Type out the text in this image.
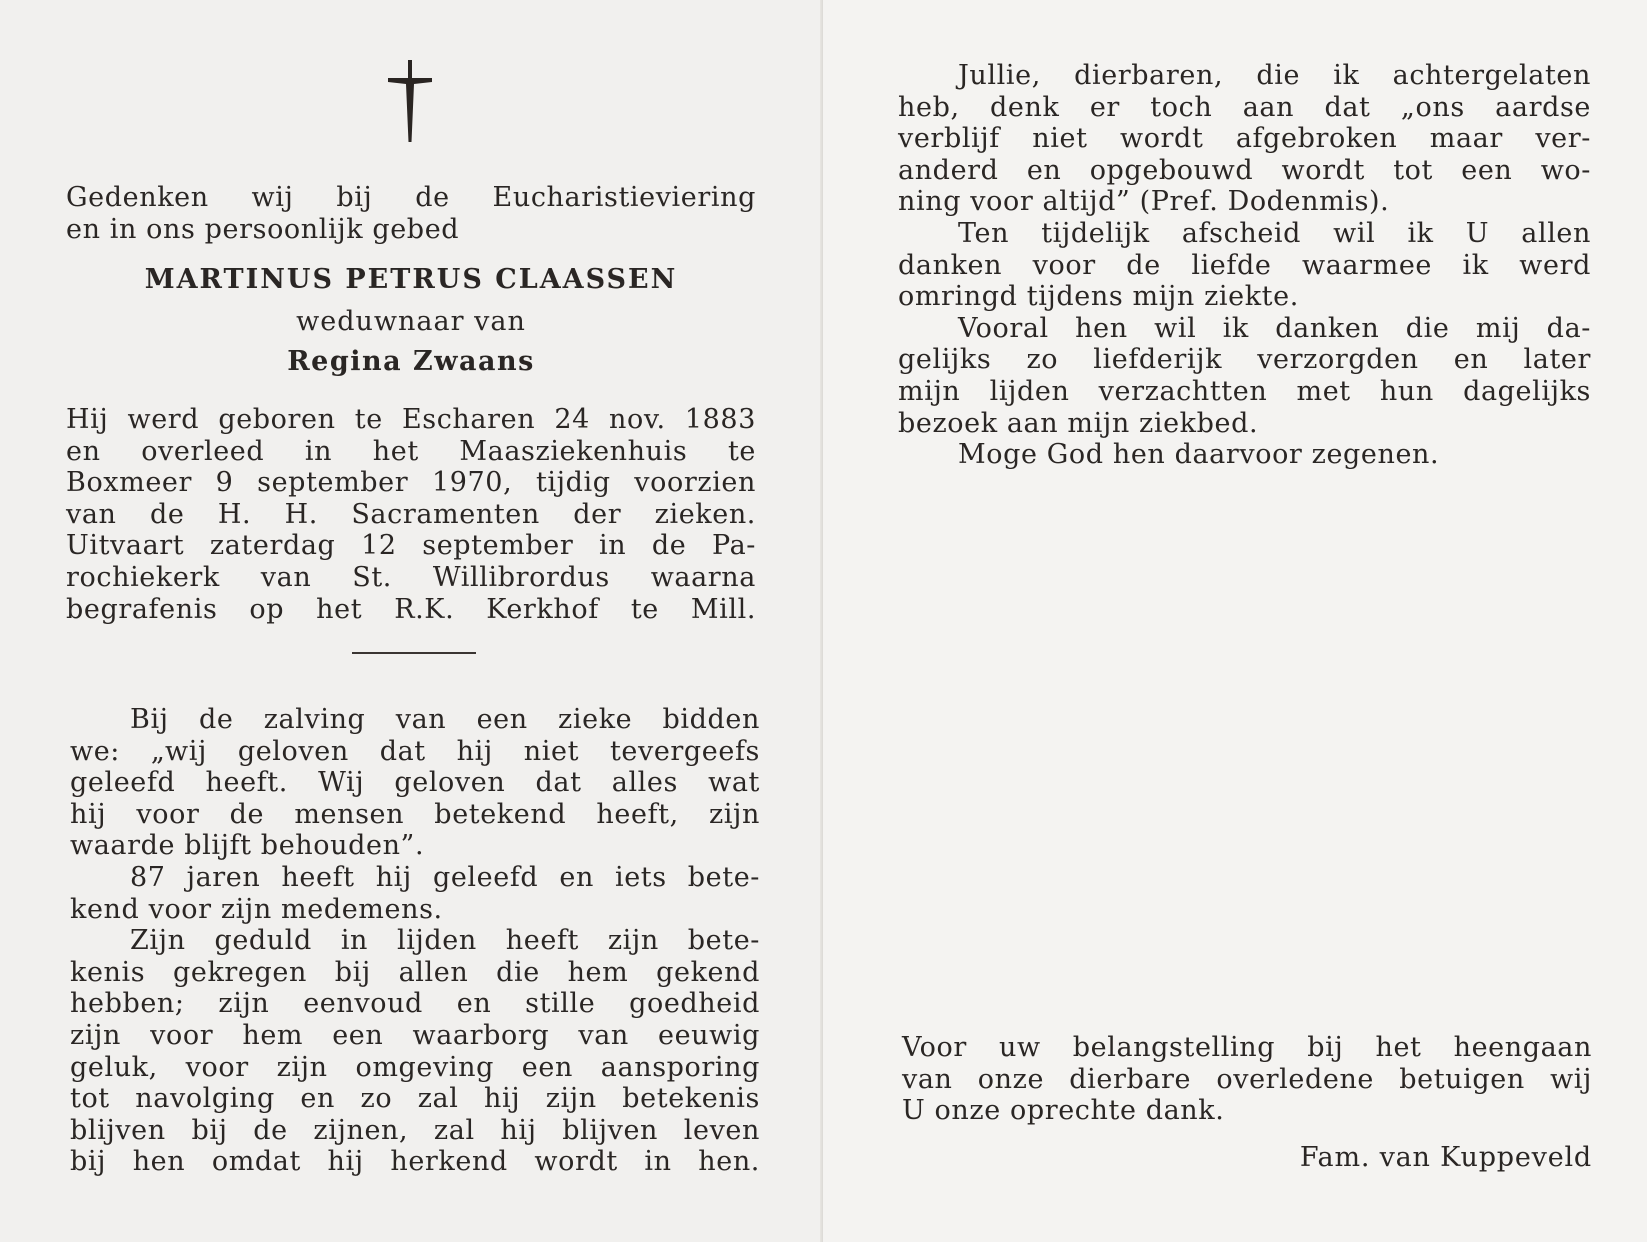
Gedenken wij bij de Eucharistieviering

en in ons persoonlijk gebed

MARTINUS PETRUS CLAASSEN
weduwnaar van
Regina Zwaans

Hij werd geboren te Escharen 24 nov. 1883

en overleed in het Maasziekenhuis te

Boxmeer 9 september 1970, tijdig voorzien

van de H. H. Sacramenten der zieken.

Uitvaart zaterdag 12 september in de Pa-

rochiekerk van St. Willibrordus waarna

begrafenis op het R.K. Kerkhof te Mill.

Bij de zalving van een zieke bidden

we: „wij geloven dat hij niet tevergeefs

geleefd heeft. Wij geloven dat alles wat

hij voor de mensen betekend heeft, zijn

waarde blijft behouden”.

87 jaren heeft hij geleefd en iets bete-

kend voor zijn medemens.

Zijn geduld in lijden heeft zijn bete-

kenis gekregen bij allen die hem gekend

hebben; zijn eenvoud en stille goedheid

zijn voor hem een waarborg van eeuwig

geluk, voor zijn omgeving een aansporing

tot navolging en zo zal hij zijn betekenis

blijven bij de zijnen, zal hij blijven leven

bij hen omdat hij herkend wordt in hen.

Jullie, dierbaren, die ik achtergelaten

heb, denk er toch aan dat „ons aardse

verblijf niet wordt afgebroken maar ver-

anderd en opgebouwd wordt tot een wo-

ning voor altijd” (Pref. Dodenmis).

Ten tijdelijk afscheid wil ik U allen

danken voor de liefde waarmee ik werd

omringd tijdens mijn ziekte.

Vooral hen wil ik danken die mij da-

gelijks zo liefderijk verzorgden en later

mijn lijden verzachtten met hun dagelijks

bezoek aan mijn ziekbed.

Moge God hen daarvoor zegenen.

Voor uw belangstelling bij het heengaan

van onze dierbare overledene betuigen wij

U onze oprechte dank.

Fam. van Kuppeveld
